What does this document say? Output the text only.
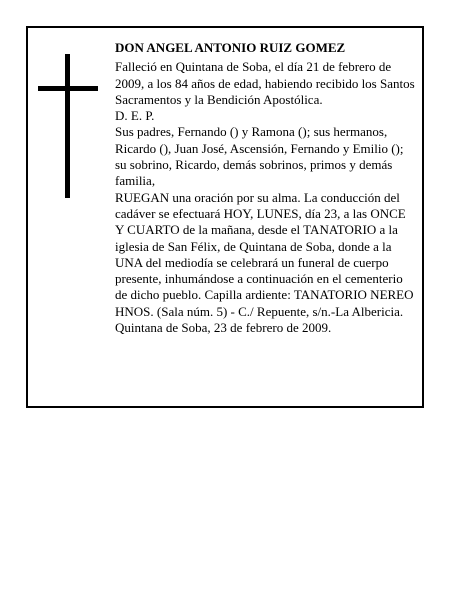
DON ANGEL ANTONIO RUIZ GOMEZ

Falleció en Quintana de Soba, el día 21 de febrero de 2009, a los 84 años de edad, habiendo recibido los Santos Sacramentos y la Bendición Apostólica.

D. E. P.

Sus padres, Fernando () y Ramona (); sus hermanos, Ricardo (), Juan José, Ascensión, Fernando y Emilio (); su sobrino, Ricardo, demás sobrinos, primos y demás familia,

RUEGAN una oración por su alma. La conducción del cadáver se efectuará HOY, LUNES, día 23, a las ONCE Y CUARTO de la mañana, desde el TANATORIO a la iglesia de San Félix, de Quintana de Soba, donde a la UNA del mediodía se celebrará un funeral de cuerpo presente, inhumándose a continuación en el cementerio de dicho pueblo. Capilla ardiente: TANATORIO NEREO HNOS. (Sala núm. 5) - C./ Repuente, s/n.-La Albericia.

Quintana de Soba, 23 de febrero de 2009.
